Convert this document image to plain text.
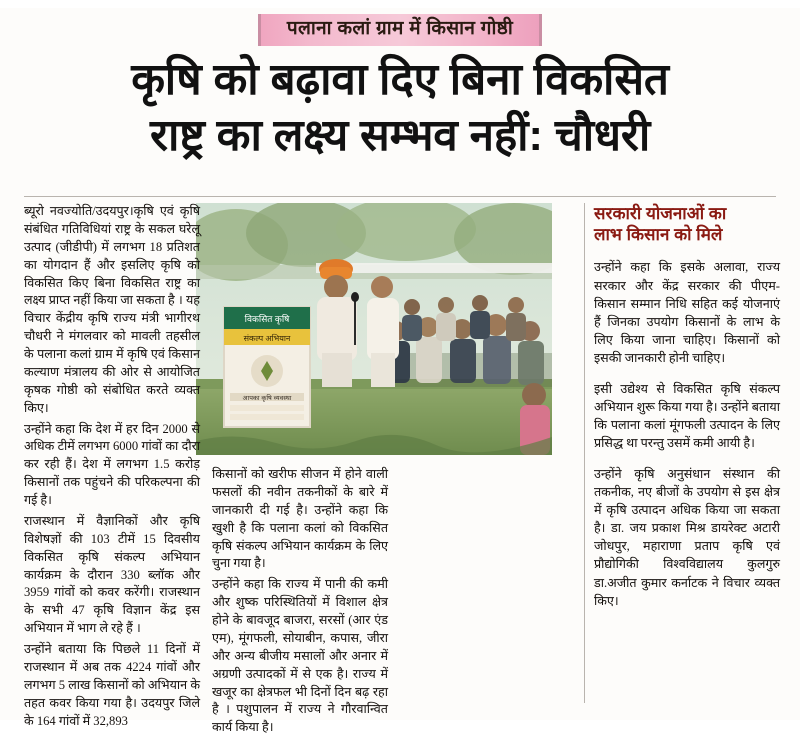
पलाना कलां ग्राम में किसान गोष्ठी
कृषि को बढ़ावा दिए बिना विकसित
राष्ट्र का लक्ष्य सम्भव नहीं: चौधरी
विकसित कृषि
संकल्प अभियान
आपका कृषि व्यवस्था

ब्यूरो नवज्योति/उदयपुर।कृषि एवं कृषि संबंधित गतिविधियां राष्ट्र के सकल घरेलू उत्पाद (जीडीपी) में लगभग 18 प्रतिशत का योगदान हैं और इसलिए कृषि को विकसित किए बिना विकसित राष्ट्र का लक्ष्य प्राप्त नहीं किया जा सकता है । यह विचार केंद्रीय कृषि राज्य मंत्री भागीरथ चौधरी ने मंगलवार को मावली तहसील के पलाना कलां ग्राम में कृषि एवं किसान कल्याण मंत्रालय की ओर से आयोजित कृषक गोष्ठी को संबोधित करते व्यक्त किए।

उन्होंने कहा कि देश में हर दिन 2000 से अधिक टीमें लगभग 6000 गांवों का दौरा कर रही हैं। देश में लगभग 1.5 करोड़ किसानों तक पहुंचने की परिकल्पना की गई है।

राजस्थान में वैज्ञानिकों और कृषि विशेषज्ञों की 103 टीमें 15 दिवसीय विकसित कृषि संकल्प अभियान कार्यक्रम के दौरान 330 ब्लॉक और 3959 गांवों को कवर करेंगी। राजस्थान के सभी 47 कृषि विज्ञान केंद्र इस अभियान में भाग ले रहे हैं ।

उन्होंने बताया कि पिछले 11 दिनों में राजस्थान में अब तक 4224 गांवों और लगभग 5 लाख किसानों को अभियान के तहत कवर किया गया है। उदयपुर जिले के 164 गांवों में 32,893

किसानों को खरीफ सीजन में होने वाली फसलों की नवीन तकनीकों के बारे में जानकारी दी गई है। उन्होंने कहा कि खुशी है कि पलाना कलां को विकसित कृषि संकल्प अभियान कार्यक्रम के लिए चुना गया है।

उन्होंने कहा कि राज्य में पानी की कमी और शुष्क परिस्थितियों में विशाल क्षेत्र होने के बावजूद बाजरा, सरसों (आर एंड एम), मूंगफली, सोयाबीन, कपास, जीरा और अन्य बीजीय मसालों और अनार में अग्रणी उत्पादकों में से एक है। राज्य में खजूर का क्षेत्रफल भी दिनों दिन बढ़ रहा है । पशुपालन में राज्य ने गौरवान्वित कार्य किया है।

सरकारी योजनाओं का
लाभ किसान को मिले

उन्होंने कहा कि इसके अलावा, राज्य सरकार और केंद्र सरकार की पीएम-किसान सम्मान निधि सहित कई योजनाएं हैं जिनका उपयोग किसानों के लाभ के लिए किया जाना चाहिए। किसानों को इसकी जानकारी होनी चाहिए।

इसी उद्येश्य से विकसित कृषि संकल्प अभियान शुरू किया गया है। उन्होंने बताया कि पलाना कलां मूंगफली उत्पादन के लिए प्रसिद्ध था परन्तु उसमें कमी आयी है।

उन्होंने कृषि अनुसंधान संस्थान की तकनीक, नए बीजों के उपयोग से इस क्षेत्र में कृषि उत्पादन अधिक किया जा सकता है। डा. जय प्रकाश मिश्र डायरेक्ट अटारी जोधपुर, महाराणा प्रताप कृषि एवं प्रौद्योगिकी विश्वविद्यालय कुलगुरु डा.अजीत कुमार कर्नाटक ने विचार व्यक्त किए।
